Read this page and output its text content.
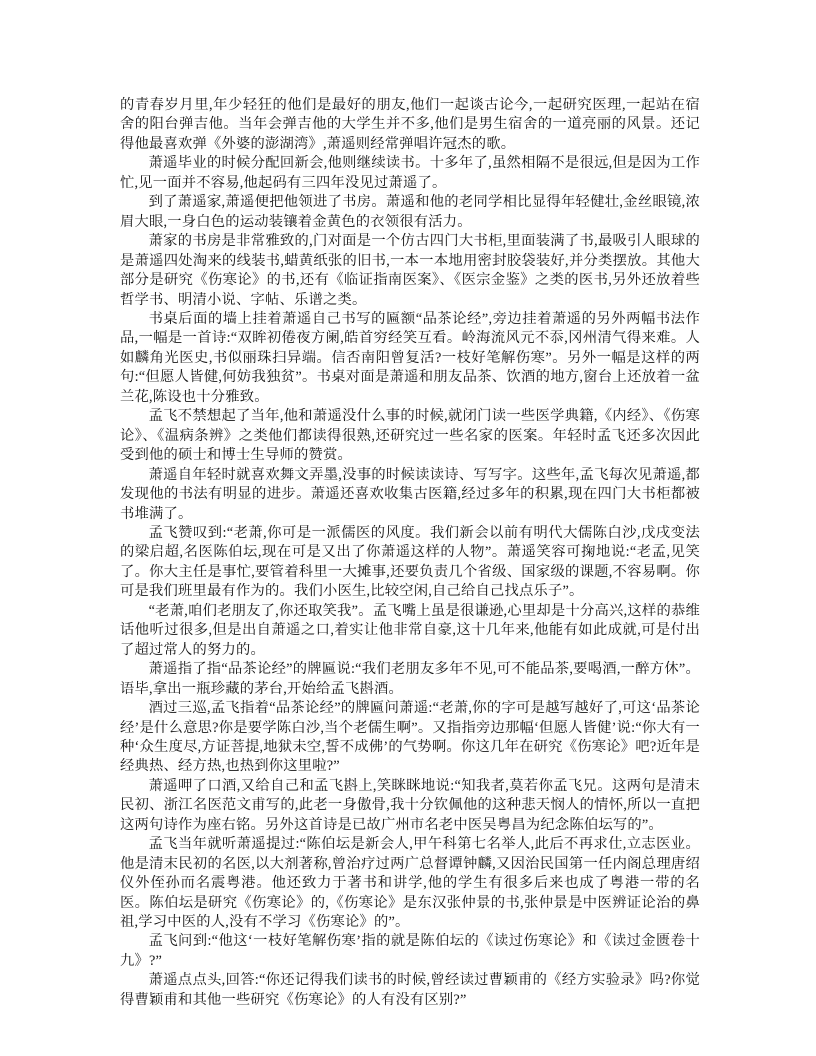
的青春岁月里,年少轻狂的他们是最好的朋友,他们一起谈古论今,一起研究医理,一起站在宿舍的阳台弹吉他。当年会弹吉他的大学生并不多,他们是男生宿舍的一道亮丽的风景。还记得他最喜欢弹《外婆的澎湖湾》,萧遥则经常弹唱许冠杰的歌。

萧遥毕业的时候分配回新会,他则继续读书。十多年了,虽然相隔不是很远,但是因为工作忙,见一面并不容易,他起码有三四年没见过萧遥了。

到了萧遥家,萧遥便把他领进了书房。萧遥和他的老同学相比显得年轻健壮,金丝眼镜,浓眉大眼,一身白色的运动装镶着金黄色的衣领很有活力。

萧家的书房是非常雅致的,门对面是一个仿古四门大书柜,里面装满了书,最吸引人眼球的是萧遥四处淘来的线装书,蜡黄纸张的旧书,一本一本地用密封胶袋装好,并分类摆放。其他大部分是研究《伤寒论》的书,还有《临证指南医案》、《医宗金鉴》之类的医书,另外还放着些哲学书、明清小说、字帖、乐谱之类。

书桌后面的墙上挂着萧遥自己书写的匾额“品茶论经”,旁边挂着萧遥的另外两幅书法作品,一幅是一首诗:“双眸初倦夜方阑,皓首穷经笑互看。岭海流风元不忝,冈州清气得来难。人如麟角光医史,书似丽珠扫异端。信否南阳曾复活?一枝好笔解伤寒”。另外一幅是这样的两句:“但愿人皆健,何妨我独贫”。书桌对面是萧遥和朋友品茶、饮酒的地方,窗台上还放着一盆兰花,陈设也十分雅致。

孟飞不禁想起了当年,他和萧遥没什么事的时候,就闭门读一些医学典籍,《内经》、《伤寒论》、《温病条辨》之类他们都读得很熟,还研究过一些名家的医案。年轻时孟飞还多次因此受到他的硕士和博士生导师的赞赏。

萧遥自年轻时就喜欢舞文弄墨,没事的时候读读诗、写写字。这些年,孟飞每次见萧遥,都发现他的书法有明显的进步。萧遥还喜欢收集古医籍,经过多年的积累,现在四门大书柜都被书堆满了。

孟飞赞叹到:“老萧,你可是一派儒医的风度。我们新会以前有明代大儒陈白沙,戊戌变法的梁启超,名医陈伯坛,现在可是又出了你萧遥这样的人物”。萧遥笑容可掬地说:“老孟,见笑了。你大主任是事忙,要管着科里一大摊事,还要负责几个省级、国家级的课题,不容易啊。你可是我们班里最有作为的。我们小医生,比较空闲,自己给自己找点乐子”。

“老萧,咱们老朋友了,你还取笑我”。孟飞嘴上虽是很谦逊,心里却是十分高兴,这样的恭维话他听过很多,但是出自萧遥之口,着实让他非常自豪,这十几年来,他能有如此成就,可是付出了超过常人的努力的。

萧遥指了指“品茶论经”的牌匾说:“我们老朋友多年不见,可不能品茶,要喝酒,一醉方休”。语毕,拿出一瓶珍藏的茅台,开始给孟飞斟酒。

酒过三巡,孟飞指着“品茶论经”的牌匾问萧遥:“老萧,你的字可是越写越好了,可这‘品茶论经’是什么意思?你是要学陈白沙,当个老儒生啊”。又指指旁边那幅‘但愿人皆健’说:“你大有一种‘众生度尽,方证菩提,地狱未空,誓不成佛’的气势啊。你这几年在研究《伤寒论》吧?近年是经典热、经方热,也热到你这里啦?”

萧遥呷了口酒,又给自己和孟飞斟上,笑眯眯地说:“知我者,莫若你孟飞兄。这两句是清末民初、浙江名医范文甫写的,此老一身傲骨,我十分钦佩他的这种悲天悯人的情怀,所以一直把这两句诗作为座右铭。另外这首诗是已故广州市名老中医吴粤昌为纪念陈伯坛写的”。

孟飞当年就听萧遥提过:“陈伯坛是新会人,甲午科第七名举人,此后不再求仕,立志医业。他是清末民初的名医,以大剂著称,曾治疗过两广总督谭钟麟,又因治民国第一任内阁总理唐绍仪外侄孙而名震粤港。他还致力于著书和讲学,他的学生有很多后来也成了粤港一带的名医。陈伯坛是研究《伤寒论》的,《伤寒论》是东汉张仲景的书,张仲景是中医辨证论治的鼻祖,学习中医的人,没有不学习《伤寒论》的”。

孟飞问到:“他这‘一枝好笔解伤寒’指的就是陈伯坛的《读过伤寒论》和《读过金匮卷十九》?”

萧遥点点头,回答:“你还记得我们读书的时候,曾经读过曹颖甫的《经方实验录》吗?你觉得曹颖甫和其他一些研究《伤寒论》的人有没有区别?”
